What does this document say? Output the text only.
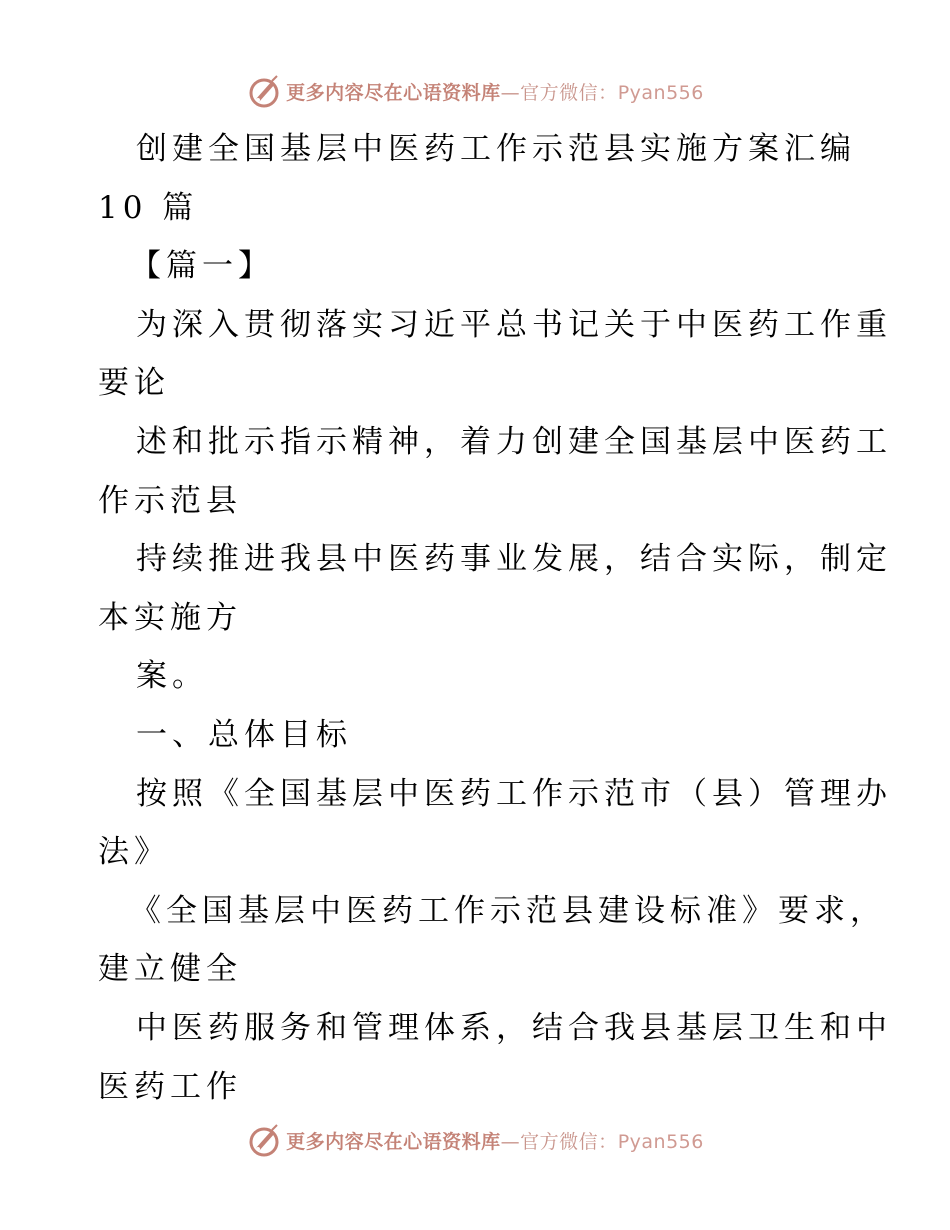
更多内容尽在心语资料库—官方微信：Pyan556
创建全国基层中医药工作示范县实施方案汇编
10 篇
【篇一】
为深入贯彻落实习近平总书记关于中医药工作重
要论
述和批示指示精神，着力创建全国基层中医药工
作示范县
持续推进我县中医药事业发展，结合实际，制定
本实施方
案。
一、总体目标
按照《全国基层中医药工作示范市（县）管理办
法》
《全国基层中医药工作示范县建设标准》要求，
建立健全
中医药服务和管理体系，结合我县基层卫生和中
医药工作
更多内容尽在心语资料库—官方微信：Pyan556
